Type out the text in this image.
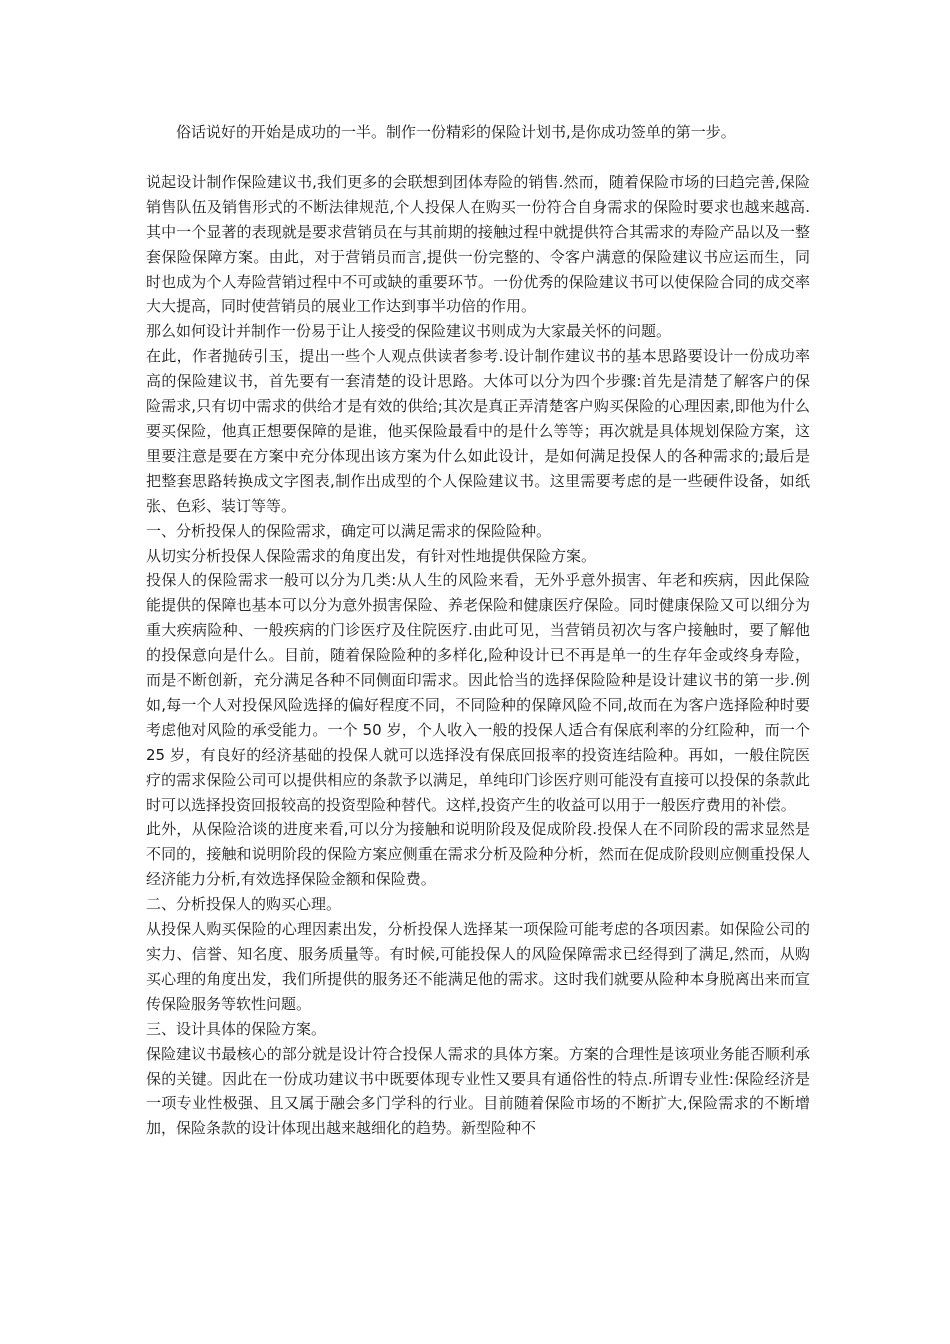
俗话说好的开始是成功的一半。制作一份精彩的保险计划书,是你成功签单的第一步。

说起设计制作保险建议书,我们更多的会联想到团体寿险的销售.然而，随着保险市场的曰趋完善,保险销售队伍及销售形式的不断法律规范,个人投保人在购买一份符合自身需求的保险时要求也越来越高.其中一个显著的表现就是要求营销员在与其前期的接触过程中就提供符合其需求的寿险产品以及一整套保险保障方案。由此，对于营销员而言,提供一份完整的、令客户满意的保险建议书应运而生，同时也成为个人寿险营销过程中不可或缺的重要环节。一份优秀的保险建议书可以使保险合同的成交率大大提高，同时使营销员的展业工作达到事半功倍的作用。

那么如何设计并制作一份易于让人接受的保险建议书则成为大家最关怀的问题。

在此，作者抛砖引玉，提出一些个人观点供读者参考.设计制作建议书的基本思路要设计一份成功率高的保险建议书，首先要有一套清楚的设计思路。大体可以分为四个步骤:首先是清楚了解客户的保险需求,只有切中需求的供给才是有效的供给;其次是真正弄清楚客户购买保险的心理因素,即他为什么要买保险，他真正想要保障的是谁，他买保险最看中的是什么等等；再次就是具体规划保险方案，这里要注意是要在方案中充分体现出该方案为什么如此设计，是如何满足投保人的各种需求的;最后是把整套思路转换成文字图表,制作出成型的个人保险建议书。这里需要考虑的是一些硬件设备，如纸张、色彩、装订等等。

一、分析投保人的保险需求，确定可以满足需求的保险险种。

从切实分析投保人保险需求的角度出发，有针对性地提供保险方案。

投保人的保险需求一般可以分为几类:从人生的风险来看，无外乎意外损害、年老和疾病，因此保险能提供的保障也基本可以分为意外损害保险、养老保险和健康医疗保险。同时健康保险又可以细分为重大疾病险种、一般疾病的门诊医疗及住院医疗.由此可见，当营销员初次与客户接触时，要了解他的投保意向是什么。目前，随着保险险种的多样化,险种设计已不再是单一的生存年金或终身寿险，而是不断创新，充分满足各种不同侧面印需求。因此恰当的选择保险险种是设计建议书的第一步.例如,每一个人对投保风险选择的偏好程度不同，不同险种的保障风险不同,故而在为客户选择险种时要考虑他对风险的承受能力。一个 50 岁，个人收入一般的投保人适合有保底利率的分红险种，而一个 25 岁，有良好的经济基础的投保人就可以选择没有保底回报率的投资连结险种。再如，一般住院医疗的需求保险公司可以提供相应的条款予以满足，单纯印门诊医疗则可能没有直接可以投保的条款此时可以选择投资回报较高的投资型险种替代。这样,投资产生的收益可以用于一般医疗费用的补偿。

此外，从保险洽谈的进度来看,可以分为接触和说明阶段及促成阶段.投保人在不同阶段的需求显然是不同的，接触和说明阶段的保险方案应侧重在需求分析及险种分析，然而在促成阶段则应侧重投保人经济能力分析,有效选择保险金额和保险费。

二、分析投保人的购买心理。

从投保人购买保险的心理因素出发，分析投保人选择某一项保险可能考虑的各项因素。如保险公司的实力、信誉、知名度、服务质量等。有时候,可能投保人的风险保障需求已经得到了满足,然而，从购买心理的角度出发，我们所提供的服务还不能满足他的需求。这时我们就要从险种本身脱离出来而宣传保险服务等软性问题。

三、设计具体的保险方案。

保险建议书最核心的部分就是设计符合投保人需求的具体方案。方案的合理性是该项业务能否顺利承保的关键。因此在一份成功建议书中既要体现专业性又要具有通俗性的特点.所谓专业性:保险经济是一项专业性极强、且又属于融会多门学科的行业。目前随着保险市场的不断扩大,保险需求的不断增加，保险条款的设计体现出越来越细化的趋势。新型险种不
